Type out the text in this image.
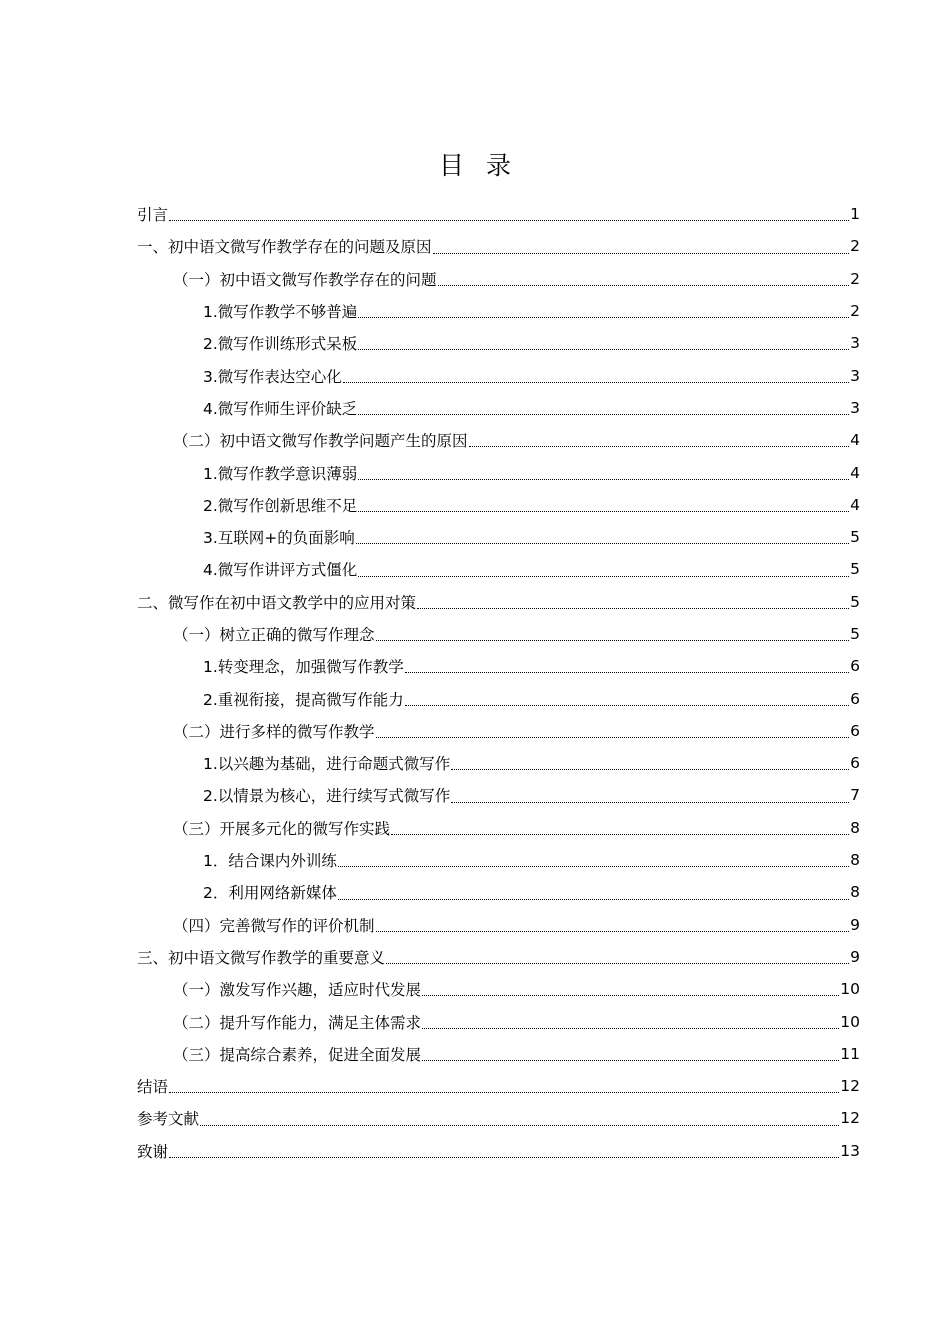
目录
引言	1
一、初中语文微写作教学存在的问题及原因	2
（一）初中语文微写作教学存在的问题	2
1.微写作教学不够普遍	2
2.微写作训练形式呆板	3
3.微写作表达空心化	3
4.微写作师生评价缺乏	3
（二）初中语文微写作教学问题产生的原因	4
1.微写作教学意识薄弱	4
2.微写作创新思维不足	4
3.互联网+的负面影响	5
4.微写作讲评方式僵化	5
二、微写作在初中语文教学中的应用对策	5
（一）树立正确的微写作理念	5
1.转变理念，加强微写作教学	6
2.重视衔接，提高微写作能力	6
（二）进行多样的微写作教学	6
1.以兴趣为基础，进行命题式微写作	6
2.以情景为核心，进行续写式微写作	7
（三）开展多元化的微写作实践	8
1．结合课内外训练	8
2．利用网络新媒体	8
（四）完善微写作的评价机制	9
三、初中语文微写作教学的重要意义	9
（一）激发写作兴趣，适应时代发展	10
（二）提升写作能力，满足主体需求	10
（三）提高综合素养，促进全面发展	11
结语	12
参考文献	12
致谢	13
